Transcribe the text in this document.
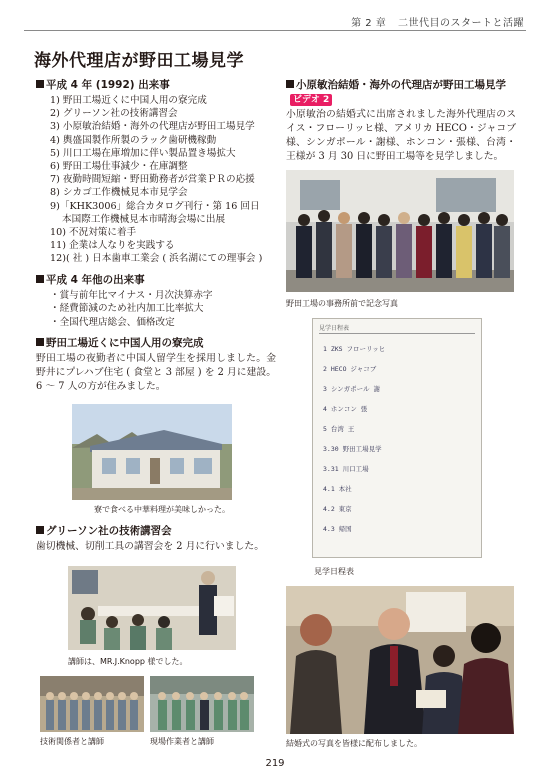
第 2 章 二世代目のスタートと活躍
海外代理店が野田工場見学
平成 4 年 (1992) 出来事
1) 野田工場近くに中国人用の寮完成
2) グリーソン社の技術講習会
3) 小原敏治結婚・海外の代理店が野田工場見学
4) 輿盛国製作所製のラック歯研機稼動
5) 川口工場在庫増加に伴い製品置き場拡大
6) 野田工場仕事減少・在庫調整
7) 夜勤時間短縮・野田勤務者が営業ＰＲの応援
8) シカゴ工作機械見本市見学会
9)「KHK3006」総合カタログ刊行・第 16 回日
本国際工作機械見本市晴海会場に出展
10) 不況対策に着手
11) 企業は人なりを実践する
12)( 社 ) 日本歯車工業会 ( 浜名湖にての理事会 )
平成 4 年他の出来事
・賞与前年比マイナス・月次決算赤字
・経費節減のため社内加工比率拡大
・全国代理店総会、価格改定
野田工場近くに中国人用の寮完成

野田工場の夜勤者に中国人留学生を採用しました。金野井にプレハブ住宅 ( 食堂と 3 部屋 ) を 2 月に建設。6 ～ 7 人の方が住みました。

寮で食べる中華料理が美味しかった。
グリーソン社の技術講習会

歯切機械、切削工具の講習会を 2 月に行いました。

講師は、MR.J.Knopp 様でした。
技術関係者と講師	現場作業者と講師
小原敏治結婚・海外の代理店が野田工場見学ビデオ 2

小原敏治の結婚式に出席されました海外代理店のスイス・フローリッヒ様、アメリカ HECO・ジャコブ様、シンガポール・謝様、ホンコン・張様、台湾・王様が 3 月 30 日に野田工場等を見学しました。

野田工場の事務所前で記念写真
見学日程表
1 ZKS フローリッヒ
2 HECO ジャコブ
3 シンガポール 謝
4 ホンコン 張
5 台湾 王
3.30 野田工場見学
3.31 川口工場
4.1 本社
4.2 東京
4.3 帰国
見学日程表
結婚式の写真を皆様に配布しました。
219
